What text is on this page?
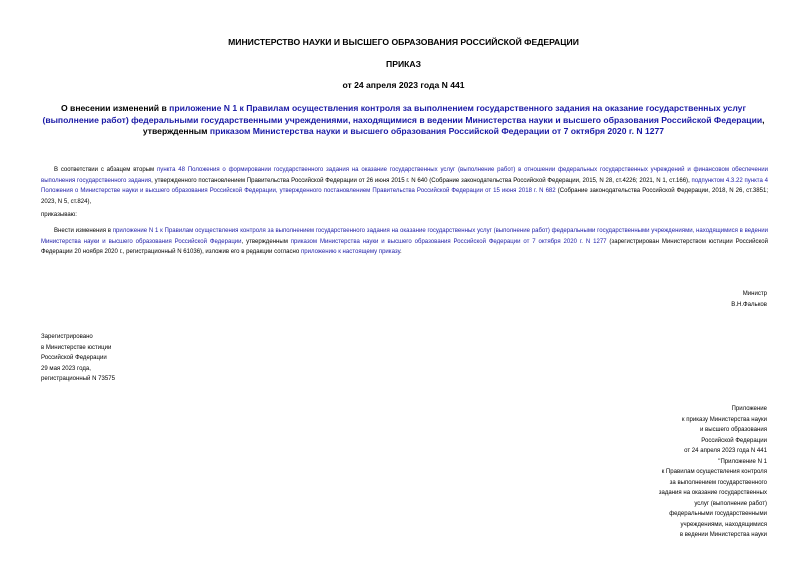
МИНИСТЕРСТВО НАУКИ И ВЫСШЕГО ОБРАЗОВАНИЯ РОССИЙСКОЙ ФЕДЕРАЦИИ
ПРИКАЗ
от 24 апреля 2023 года N 441
О внесении изменений в приложение N 1 к Правилам осуществления контроля за выполнением государственного задания на оказание государственных услуг (выполнение работ) федеральными государственными учреждениями, находящимися в ведении Министерства науки и высшего образования Российской Федерации, утвержденным приказом Министерства науки и высшего образования Российской Федерации от 7 октября 2020 г. N 1277
В соответствии с абзацем вторым пункта 48 Положения о формировании государственного задания на оказание государственных услуг (выполнение работ) в отношении федеральных государственных учреждений и финансовом обеспечении выполнения государственного задания, утвержденного постановлением Правительства Российской Федерации от 26 июня 2015 г. N 640 (Собрание законодательства Российской Федерации, 2015, N 28, ст.4226; 2021, N 1, ст.166), подпунктом 4.3.22 пункта 4 Положения о Министерстве науки и высшего образования Российской Федерации, утвержденного постановлением Правительства Российской Федерации от 15 июня 2018 г. N 682 (Собрание законодательства Российской Федерации, 2018, N 26, ст.3851; 2023, N 5, ст.824),
приказываю:
Внести изменения в приложение N 1 к Правилам осуществления контроля за выполнением государственного задания на оказание государственных услуг (выполнение работ) федеральными государственными учреждениями, находящимися в ведении Министерства науки и высшего образования Российской Федерации, утвержденным приказом Министерства науки и высшего образования Российской Федерации от 7 октября 2020 г. N 1277 (зарегистрирован Министерством юстиции Российской Федерации 20 ноября 2020 г., регистрационный N 61036), изложив его в редакции согласно приложению к настоящему приказу.
Министр
В.Н.Фальков
Зарегистрировано
в Министерстве юстиции
Российской Федерации
29 мая 2023 года,
регистрационный N 73575
Приложение
к приказу Министерства науки
и высшего образования
Российской Федерации
от 24 апреля 2023 года N 441
"Приложение N 1
к Правилам осуществления контроля
за выполнением государственного
задания на оказание государственных
услуг (выполнение работ)
федеральными государственными
учреждениями, находящимися
в ведении Министерства науки
